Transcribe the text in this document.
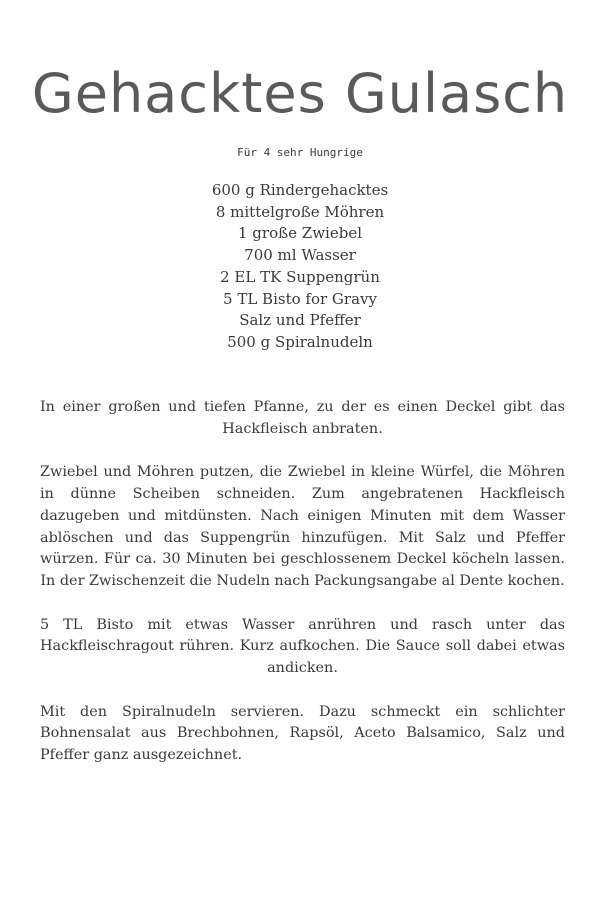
Gehacktes Gulasch
Für 4 sehr Hungrige
600 g Rindergehacktes
8 mittelgroße Möhren
1 große Zwiebel
700 ml Wasser
2 EL TK Suppengrün
5 TL Bisto for Gravy
Salz und Pfeffer
500 g Spiralnudeln

In einer großen und tiefen Pfanne, zu der es einen Deckel gibt das Hackfleisch anbraten.

Zwiebel und Möhren putzen, die Zwiebel in kleine Würfel, die Möhren in dünne Scheiben schneiden. Zum angebratenen Hackfleisch dazugeben und mitdünsten. Nach einigen Minuten mit dem Wasser ablöschen und das Suppengrün hinzufügen. Mit Salz und Pfeffer würzen. Für ca. 30 Minuten bei geschlossenem Deckel köcheln lassen. In der Zwischenzeit die Nudeln nach Packungsangabe al Dente kochen.

5 TL Bisto mit etwas Wasser anrühren und rasch unter das Hackfleischragout rühren. Kurz aufkochen. Die Sauce soll dabei etwas andicken.

Mit den Spiralnudeln servieren. Dazu schmeckt ein schlichter Bohnensalat aus Brechbohnen, Rapsöl, Aceto Balsamico, Salz und Pfeffer ganz ausgezeichnet.
